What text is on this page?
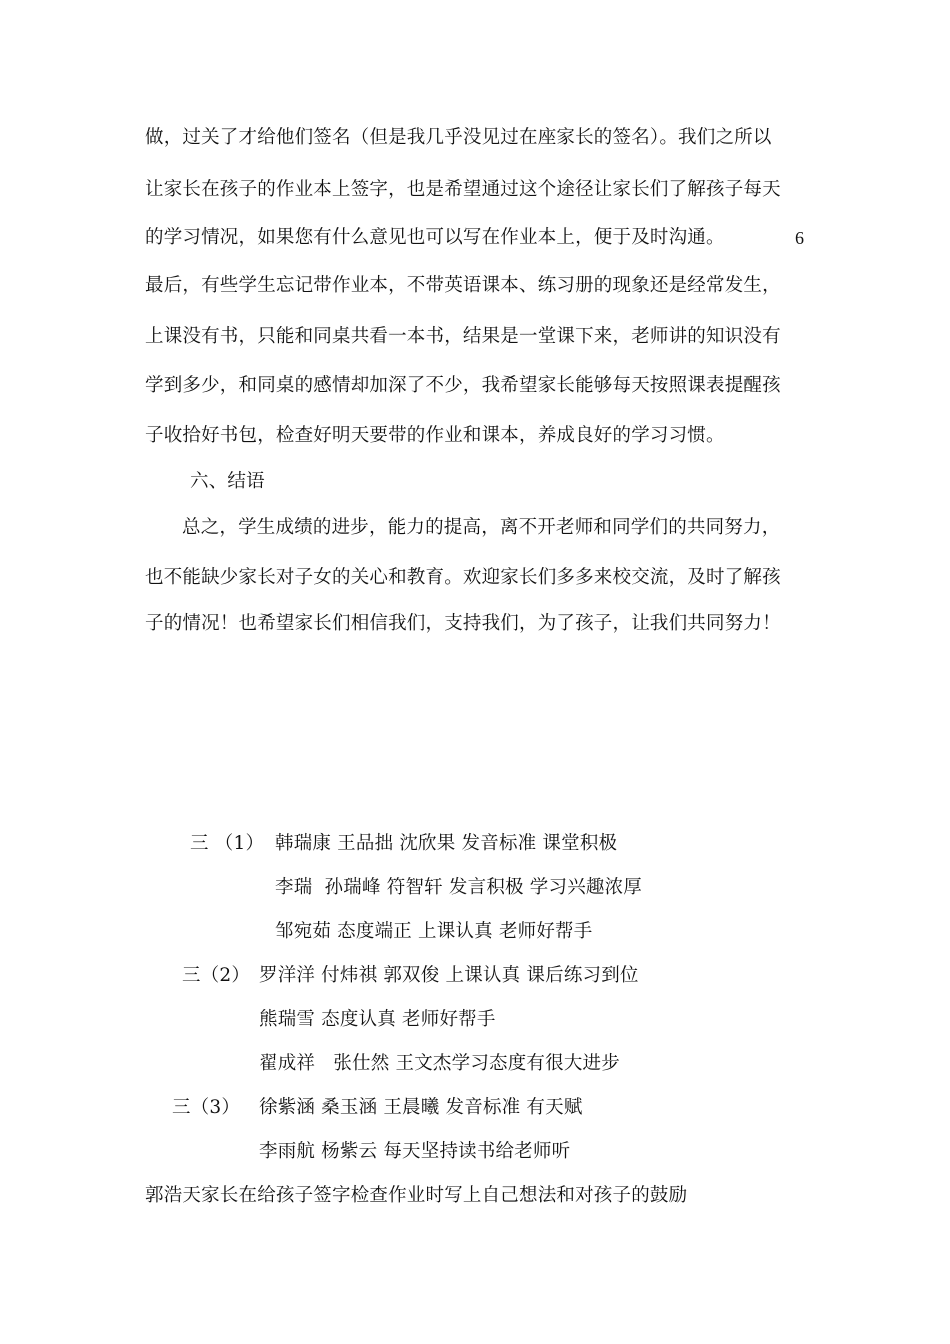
做，过关了才给他们签名（但是我几乎没见过在座家长的签名）。我们之所以
让家长在孩子的作业本上签字，也是希望通过这个途径让家长们了解孩子每天
的学习情况，如果您有什么意见也可以写在作业本上，便于及时沟通。	6
最后，有些学生忘记带作业本，不带英语课本、练习册的现象还是经常发生，
上课没有书，只能和同桌共看一本书，结果是一堂课下来，老师讲的知识没有
学到多少，和同桌的感情却加深了不少，我希望家长能够每天按照课表提醒孩
子收拾好书包，检查好明天要带的作业和课本，养成良好的学习习惯。
六、结语
总之，学生成绩的进步，能力的提高，离不开老师和同学们的共同努力，
也不能缺少家长对子女的关心和教育。欢迎家长们多多来校交流，及时了解孩
子的情况！也希望家长们相信我们，支持我们，为了孩子，让我们共同努力！
三 （1） 韩瑞康 王品拙 沈欣果 发音标准 课堂积极
李瑞  孙瑞峰 符智轩 发言积极 学习兴趣浓厚
邹宛茹 态度端正 上课认真 老师好帮手
三（2） 罗洋洋 付炜祺 郭双俊 上课认真 课后练习到位
熊瑞雪 态度认真 老师好帮手
翟成祥   张仕然 王文杰学习态度有很大进步
三（3） 徐紫涵 桑玉涵 王晨曦 发音标准 有天赋
李雨航 杨紫云 每天坚持读书给老师听
郭浩天家长在给孩子签字检查作业时写上自己想法和对孩子的鼓励
